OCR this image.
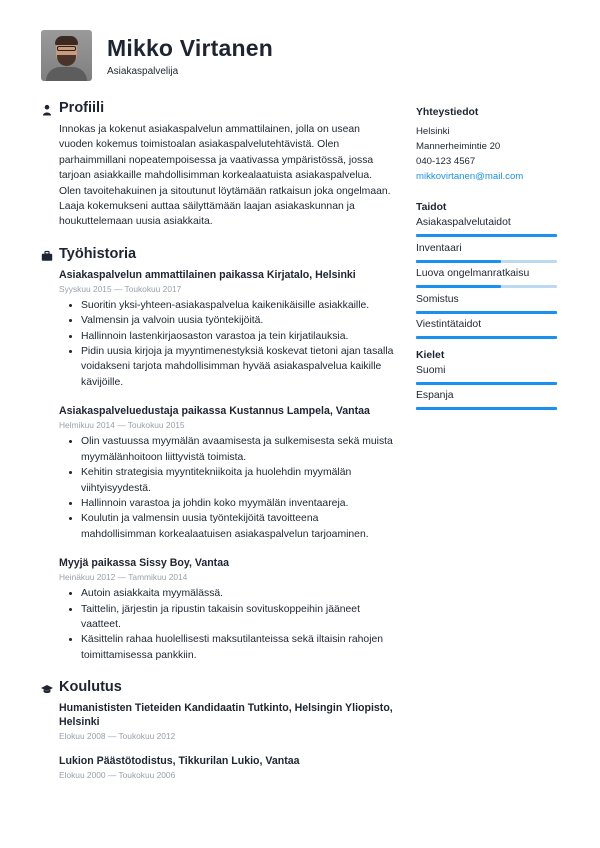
Mikko Virtanen
Asiakaspalvelija
Profiili

Innokas ja kokenut asiakaspalvelun ammattilainen, jolla on usean vuoden kokemus toimistoalan asiakaspalvelutehtävistä. Olen parhaimmillani nopeatempoisessa ja vaativassa ympäristössä, jossa tarjoan asiakkaille mahdollisimman korkealaatuista asiakaspalvelua. Olen tavoitehakuinen ja sitoutunut löytämään ratkaisun joka ongelmaan. Laaja kokemukseni auttaa säilyttämään laajan asiakaskunnan ja houkuttelemaan uusia asiakkaita.

Työhistoria
Asiakaspalvelun ammattilainen paikassa Kirjatalo, Helsinki
Syyskuu 2015 — Toukokuu 2017
• Suoritin yksi-yhteen-asiakaspalvelua kaikenikäisille asiakkaille.
• Valmensin ja valvoin uusia työntekijöitä.
• Hallinnoin lastenkirjaosaston varastoa ja tein kirjatilauksia.
• Pidin uusia kirjoja ja myyntimenestyksiä koskevat tietoni ajan tasalla voidakseni tarjota mahdollisimman hyvää asiakaspalvelua kaikille kävijöille.
Asiakaspalveluedustaja paikassa Kustannus Lampela, Vantaa
Helmikuu 2014 — Toukokuu 2015
• Olin vastuussa myymälän avaamisesta ja sulkemisesta sekä muista myymälänhoitoon liittyvistä toimista.
• Kehitin strategisia myyntitekniikoita ja huolehdin myymälän viihtyisyydestä.
• Hallinnoin varastoa ja johdin koko myymälän inventaareja.
• Koulutin ja valmensin uusia työntekijöitä tavoitteena mahdollisimman korkealaatuisen asiakaspalvelun tarjoaminen.
Myyjä paikassa Sissy Boy, Vantaa
Heinäkuu 2012 — Tammikuu 2014
• Autoin asiakkaita myymälässä.
• Taittelin, järjestin ja ripustin takaisin sovituskoppeihin jääneet vaatteet.
• Käsittelin rahaa huolellisesti maksutilanteissa sekä iltaisin rahojen toimittamisessa pankkiin.
Koulutus
Humanististen Tieteiden Kandidaatin Tutkinto, Helsingin Yliopisto, Helsinki
Elokuu 2008 — Toukokuu 2012
Lukion Päästötodistus, Tikkurilan Lukio, Vantaa
Elokuu 2000 — Toukokuu 2006
Yhteystiedot
Helsinki
Mannerheimintie 20
040-123 4567
mikkovirtanen@mail.com
Taidot
Asiakaspalvelutaidot
Inventaari
Luova ongelmanratkaisu
Somistus
Viestintätaidot
Kielet
Suomi
Espanja
